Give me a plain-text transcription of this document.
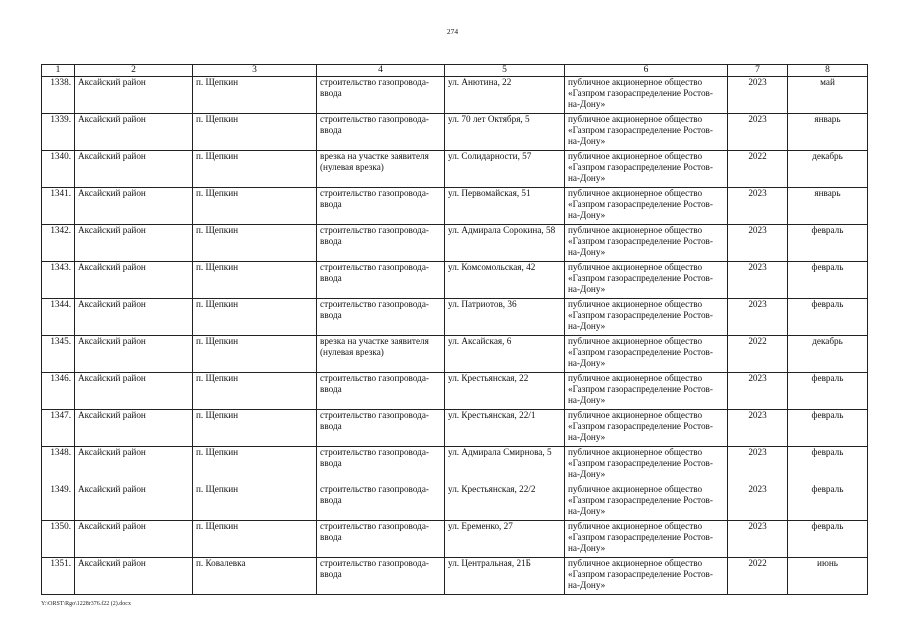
274
1	2	3	4	5	6	7	8
1338.	Аксайский район	п. Щепкин	строительство газопровода-ввода	ул. Анютина, 22	публичное акционерное общество «Газпром газораспределение Ростов-на-Дону»	2023	май
1339.	Аксайский район	п. Щепкин	строительство газопровода-ввода	ул. 70 лет Октября, 5	публичное акционерное общество «Газпром газораспределение Ростов-на-Дону»	2023	январь
1340.	Аксайский район	п. Щепкин	врезка на участке заявителя (нулевая врезка)	ул. Солидарности, 57	публичное акционерное общество «Газпром газораспределение Ростов-на-Дону»	2022	декабрь
1341.	Аксайский район	п. Щепкин	строительство газопровода-ввода	ул. Первомайская, 51	публичное акционерное общество «Газпром газораспределение Ростов-на-Дону»	2023	январь
1342.	Аксайский район	п. Щепкин	строительство газопровода-ввода	ул. Адмирала Сорокина, 58	публичное акционерное общество «Газпром газораспределение Ростов-на-Дону»	2023	февраль
1343.	Аксайский район	п. Щепкин	строительство газопровода-ввода	ул. Комсомольская, 42	публичное акционерное общество «Газпром газораспределение Ростов-на-Дону»	2023	февраль
1344.	Аксайский район	п. Щепкин	строительство газопровода-ввода	ул. Патриотов, 36	публичное акционерное общество «Газпром газораспределение Ростов-на-Дону»	2023	февраль
1345.	Аксайский район	п. Щепкин	врезка на участке заявителя (нулевая врезка)	ул. Аксайская, 6	публичное акционерное общество «Газпром газораспределение Ростов-на-Дону»	2022	декабрь
1346.	Аксайский район	п. Щепкин	строительство газопровода-ввода	ул. Крестьянская, 22	публичное акционерное общество «Газпром газораспределение Ростов-на-Дону»	2023	февраль
1347.	Аксайский район	п. Щепкин	строительство газопровода-ввода	ул. Крестьянская, 22/1	публичное акционерное общество «Газпром газораспределение Ростов-на-Дону»	2023	февраль
1348.	Аксайский район	п. Щепкин	строительство газопровода-ввода	ул. Адмирала Смирнова, 5	публичное акционерное общество «Газпром газораспределение Ростов-на-Дону»	2023	февраль
1349.	Аксайский район	п. Щепкин	строительство газопровода-ввода	ул. Крестьянская, 22/2	публичное акционерное общество «Газпром газораспределение Ростов-на-Дону»	2023	февраль
1350.	Аксайский район	п. Щепкин	строительство газопровода-ввода	ул. Еременко, 27	публичное акционерное общество «Газпром газораспределение Ростов-на-Дону»	2023	февраль
1351.	Аксайский район	п. Ковалевка	строительство газопровода-ввода	ул. Центральная, 21Б	публичное акционерное общество «Газпром газораспределение Ростов-на-Дону»	2022	июнь
Y:\ORST\Rgo\1228r376.f22 (2).docx
